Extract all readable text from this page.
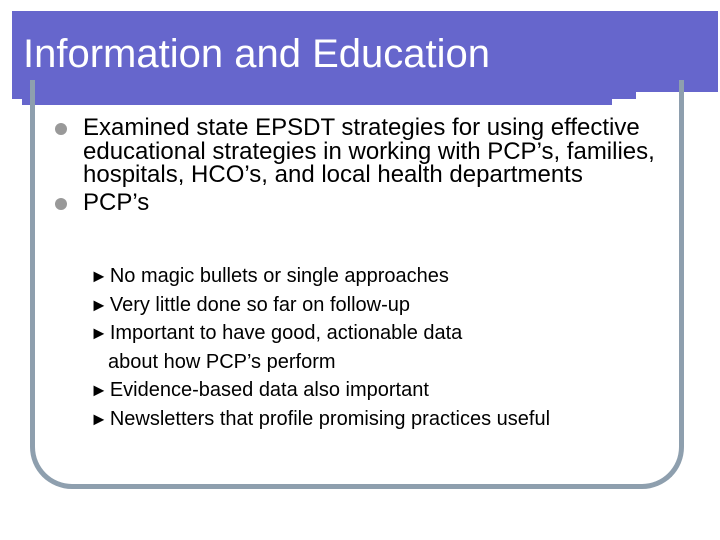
Information and Education

Examined state EPSDT strategies for using effective educational strategies in working with PCP’s, families, hospitals, HCO’s, and local health departments

PCP’s

► No magic bullets or single approaches
► Very little done so far on follow-up
► Important to have good, actionable data
about how PCP’s perform
► Evidence-based data also important
► Newsletters that profile promising practices useful
